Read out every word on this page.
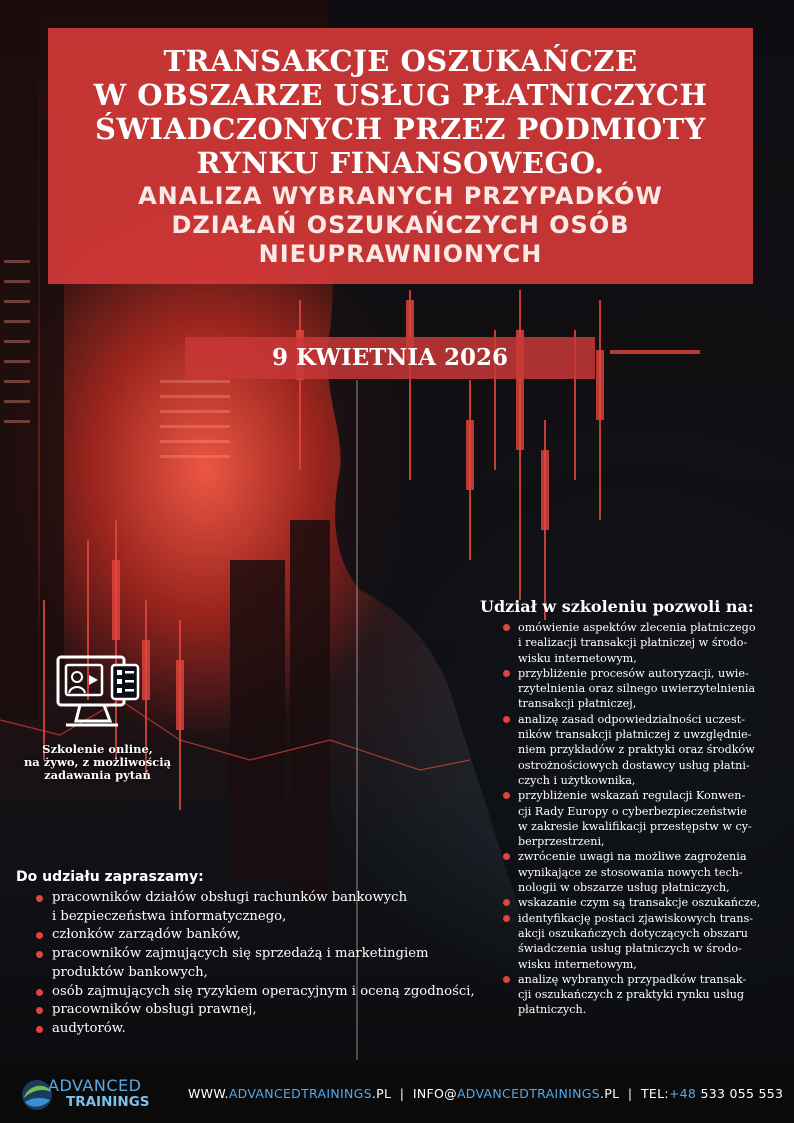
TRANSAKCJE OSZUKAŃCZE
W OBSZARZE USŁUG PŁATNICZYCH
ŚWIADCZONYCH PRZEZ PODMIOTY
RYNKU FINANSOWEGO.
ANALIZA WYBRANYCH PRZYPADKÓW
DZIAŁAŃ OSZUKAŃCZYCH OSÓB
NIEUPRAWNIONYCH
9 KWIETNIA 2026
Szkolenie online,
na żywo, z możliwością
zadawania pytań
Udział w szkoleniu pozwoli na:
omówienie aspektów zlecenia płatniczego
i realizacji transakcji płatniczej w środo-
wisku internetowym,
przybliżenie procesów autoryzacji, uwie-
rzytelnienia oraz silnego uwierzytelnienia
transakcji płatniczej,
analizę zasad odpowiedzialności uczest-
ników transakcji płatniczej z uwzględnie-
niem przykładów z praktyki oraz środków
ostrożnościowych dostawcy usług płatni-
czych i użytkownika,
przybliżenie wskazań regulacji Konwen-
cji Rady Europy o cyberbezpieczeństwie
w zakresie kwalifikacji przestępstw w cy-
berprzestrzeni,
zwrócenie uwagi na możliwe zagrożenia
wynikające ze stosowania nowych tech-
nologii w obszarze usług płatniczych,
wskazanie czym są transakcje oszukańcze,
identyfikację postaci zjawiskowych trans-
akcji oszukańczych dotyczących obszaru
świadczenia usług płatniczych w środo-
wisku internetowym,
analizę wybranych przypadków transak-
cji oszukańczych z praktyki rynku usług
płatniczych.
Do udziału zapraszamy:
pracowników działów obsługi rachunków bankowych
i bezpieczeństwa informatycznego,
członków zarządów banków,
pracowników zajmujących się sprzedażą i marketingiem
produktów bankowych,
osób zajmujących się ryzykiem operacyjnym i oceną zgodności,
pracowników obsługi prawnej,
audytorów.
ADVANCED
TRAININGS
WWW.ADVANCEDTRAININGS.PL  |  INFO@ADVANCEDTRAININGS.PL  |  TEL:+48 533 055 553
